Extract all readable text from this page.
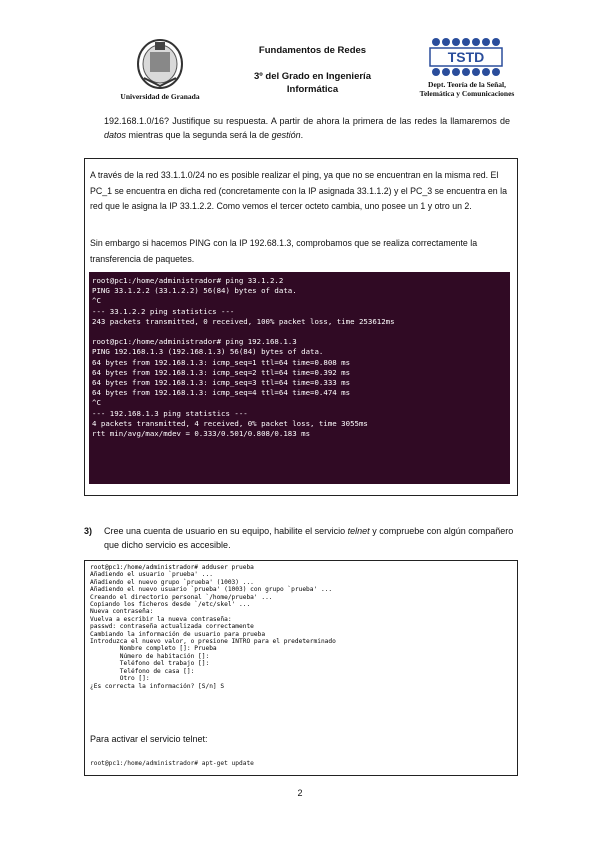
Universidad de Granada
Fundamentos de Redes
3º del Grado en Ingeniería
Informática
TSTD
Dept. Teoría de la Señal,
Telemática y Comunicaciones
192.168.1.0/16? Justifique su respuesta. A partir de ahora la primera de las redes la llamaremos de datos mientras que la segunda será la de gestión.
A través de la red 33.1.1.0/24 no es posible realizar el ping, ya que no se encuentran en la misma red. El PC_1 se encuentra en dicha red (concretamente con la IP asignada 33.1.1.2) y el PC_3 se encuentra en la red que le asigna la IP 33.1.2.2. Como vemos el tercer octeto cambia, uno posee un 1 y otro un 2.
Sin embargo si hacemos PING con la IP 192.68.1.3, comprobamos que se realiza correctamente la transferencia de paquetes.
root@pc1:/home/administrador# ping 33.1.2.2
PING 33.1.2.2 (33.1.2.2) 56(84) bytes of data.
^C
--- 33.1.2.2 ping statistics ---
243 packets transmitted, 0 received, 100% packet loss, time 253612ms
root@pc1:/home/administrador# ping 192.168.1.3
PING 192.168.1.3 (192.168.1.3) 56(84) bytes of data.
64 bytes from 192.168.1.3: icmp_seq=1 ttl=64 time=0.808 ms
64 bytes from 192.168.1.3: icmp_seq=2 ttl=64 time=0.392 ms
64 bytes from 192.168.1.3: icmp_seq=3 ttl=64 time=0.333 ms
64 bytes from 192.168.1.3: icmp_seq=4 ttl=64 time=0.474 ms
^C
--- 192.168.1.3 ping statistics ---
4 packets transmitted, 4 received, 0% packet loss, time 3055ms
rtt min/avg/max/mdev = 0.333/0.501/0.808/0.183 ms
3) Cree una cuenta de usuario en su equipo, habilite el servicio telnet y compruebe con algún compañero que dicho servicio es accesible.
root@pc1:/home/administrador# adduser prueba
Añadiendo el usuario `prueba' ...
Añadiendo el nuevo grupo `prueba' (1003) ...
Añadiendo el nuevo usuario `prueba' (1003) con grupo `prueba' ...
Creando el directorio personal `/home/prueba' ...
Copiando los ficheros desde `/etc/skel' ...
Nueva contraseña:
Vuelva a escribir la nueva contraseña:
passwd: contraseña actualizada correctamente
Cambiando la información de usuario para prueba
Introduzca el nuevo valor, o presione INTRO para el predeterminado
Nombre completo []: Prueba
Número de habitación []:
Teléfono del trabajo []:
Teléfono de casa []:
Otro []:
¿Es correcta la información? [S/n] S
Para activar el servicio telnet:
root@pc1:/home/administrador# apt-get update
2
